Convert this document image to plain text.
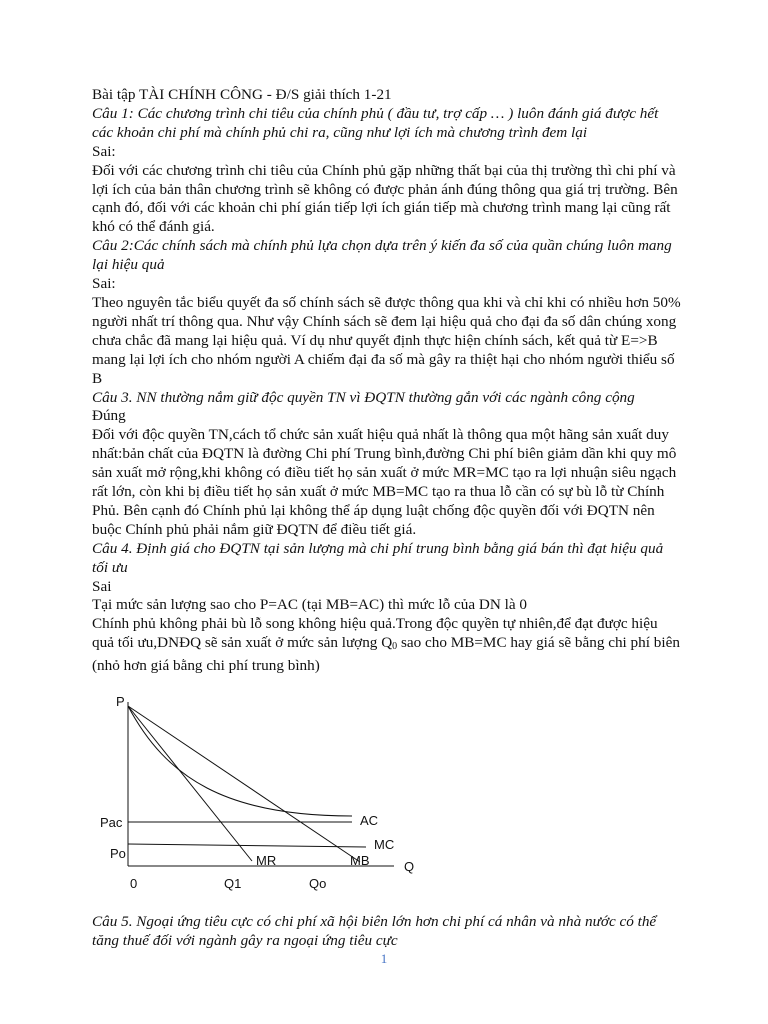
Bài tập TÀI CHÍNH CÔNG - Đ/S giải thích 1-21

Câu 1: Các chương trình chi tiêu của chính phủ ( đầu tư, trợ cấp … ) luôn đánh giá được hết các khoản chi phí mà chính phủ chi ra, cũng như lợi ích mà chương trình đem lại

Sai:

Đối với các chương trình chi tiêu của Chính phủ gặp những thất bại của thị trường thì chi phí và lợi ích của bản thân chương trình sẽ không có được phản ánh đúng thông qua giá trị trường. Bên cạnh đó, đối với các khoản chi phí gián tiếp lợi ích gián tiếp mà chương trình mang lại cũng rất khó có thể đánh giá.

Câu 2:Các chính sách mà chính phủ lựa chọn dựa trên ý kiến đa số của quần chúng luôn mang lại hiệu quả

Sai:

Theo nguyên tắc biểu quyết đa số chính sách sẽ được thông qua khi và chỉ khi có nhiều hơn 50% người nhất trí thông qua. Như vậy Chính sách sẽ đem lại hiệu quả cho đại đa số dân chúng xong chưa chắc đã mang lại hiệu quả. Ví dụ như quyết định thực hiện chính sách, kết quả từ E=>B mang lại lợi ích cho nhóm người A chiếm đại đa số mà gây ra thiệt hại cho nhóm người thiểu số B

Câu 3. NN thường nắm giữ độc quyền TN vì ĐQTN thường gắn với các ngành công cộng

Đúng

Đối với độc quyền TN,cách tổ chức sản xuất hiệu quả nhất là thông qua một hãng sản xuất duy nhất:bản chất của ĐQTN là đường Chi phí Trung bình,đường Chi phí biên giảm dần khi quy mô sản xuất mở rộng,khi không có điều tiết họ sản xuất ở mức MR=MC tạo ra lợi nhuận siêu ngạch rất lớn, còn khi bị điều tiết họ sản xuất ở mức MB=MC tạo ra thua lỗ cần có sự bù lỗ từ Chính Phủ. Bên cạnh đó Chính phủ lại không thể áp dụng luật chống độc quyền đối với ĐQTN nên buộc Chính phủ phải nắm giữ ĐQTN để điều tiết giá.

Câu 4. Định giá cho ĐQTN tại sản lượng mà chi phí trung bình bằng giá bán thì đạt hiệu quả tối ưu

Sai

Tại mức sản lượng sao cho P=AC (tại MB=AC) thì mức lỗ của DN là 0

Chính phủ không phải bù lỗ song không hiệu quả.Trong độc quyền tự nhiên,để đạt được hiệu quả tối ưu,DNĐQ sẽ sản xuất ở mức sản lượng $Q_0$ sao cho MB=MC hay giá sẽ bằng chi phí biên (nhỏ hơn giá bằng chi phí trung bình)

P
Q
Pac
Po
AC
MC
MR	MB
0	Q1	Qo

Câu 5. Ngoại ứng tiêu cực có chi phí xã hội biên lớn hơn chi phí cá nhân và nhà nước có thể tăng thuế đối với ngành gây ra ngoại ứng tiêu cực

1
